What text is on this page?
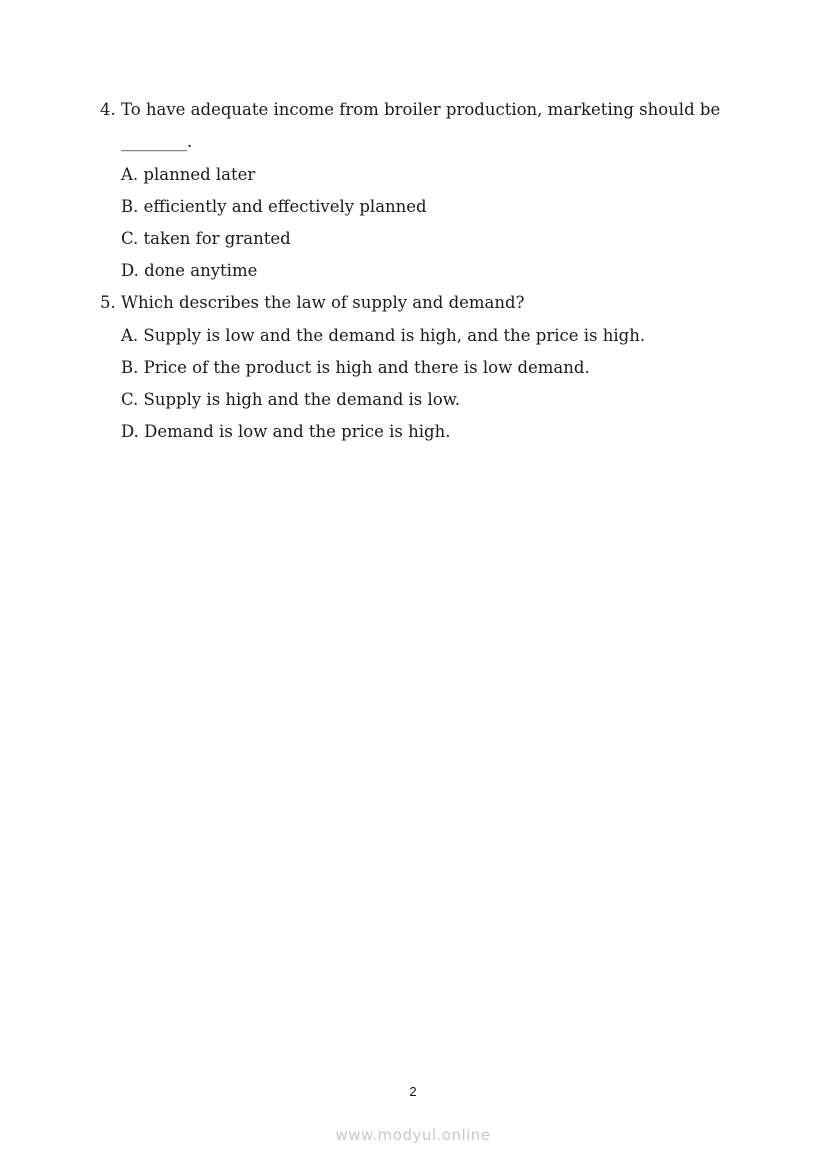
4. To have adequate income from broiler production, marketing should be
________.
A. planned later
B. efficiently and effectively planned
C. taken for granted
D. done anytime
5. Which describes the law of supply and demand?
A. Supply is low and the demand is high, and the price is high.
B. Price of the product is high and there is low demand.
C. Supply is high and the demand is low.
D. Demand is low and the price is high.
2
www.modyul.online
